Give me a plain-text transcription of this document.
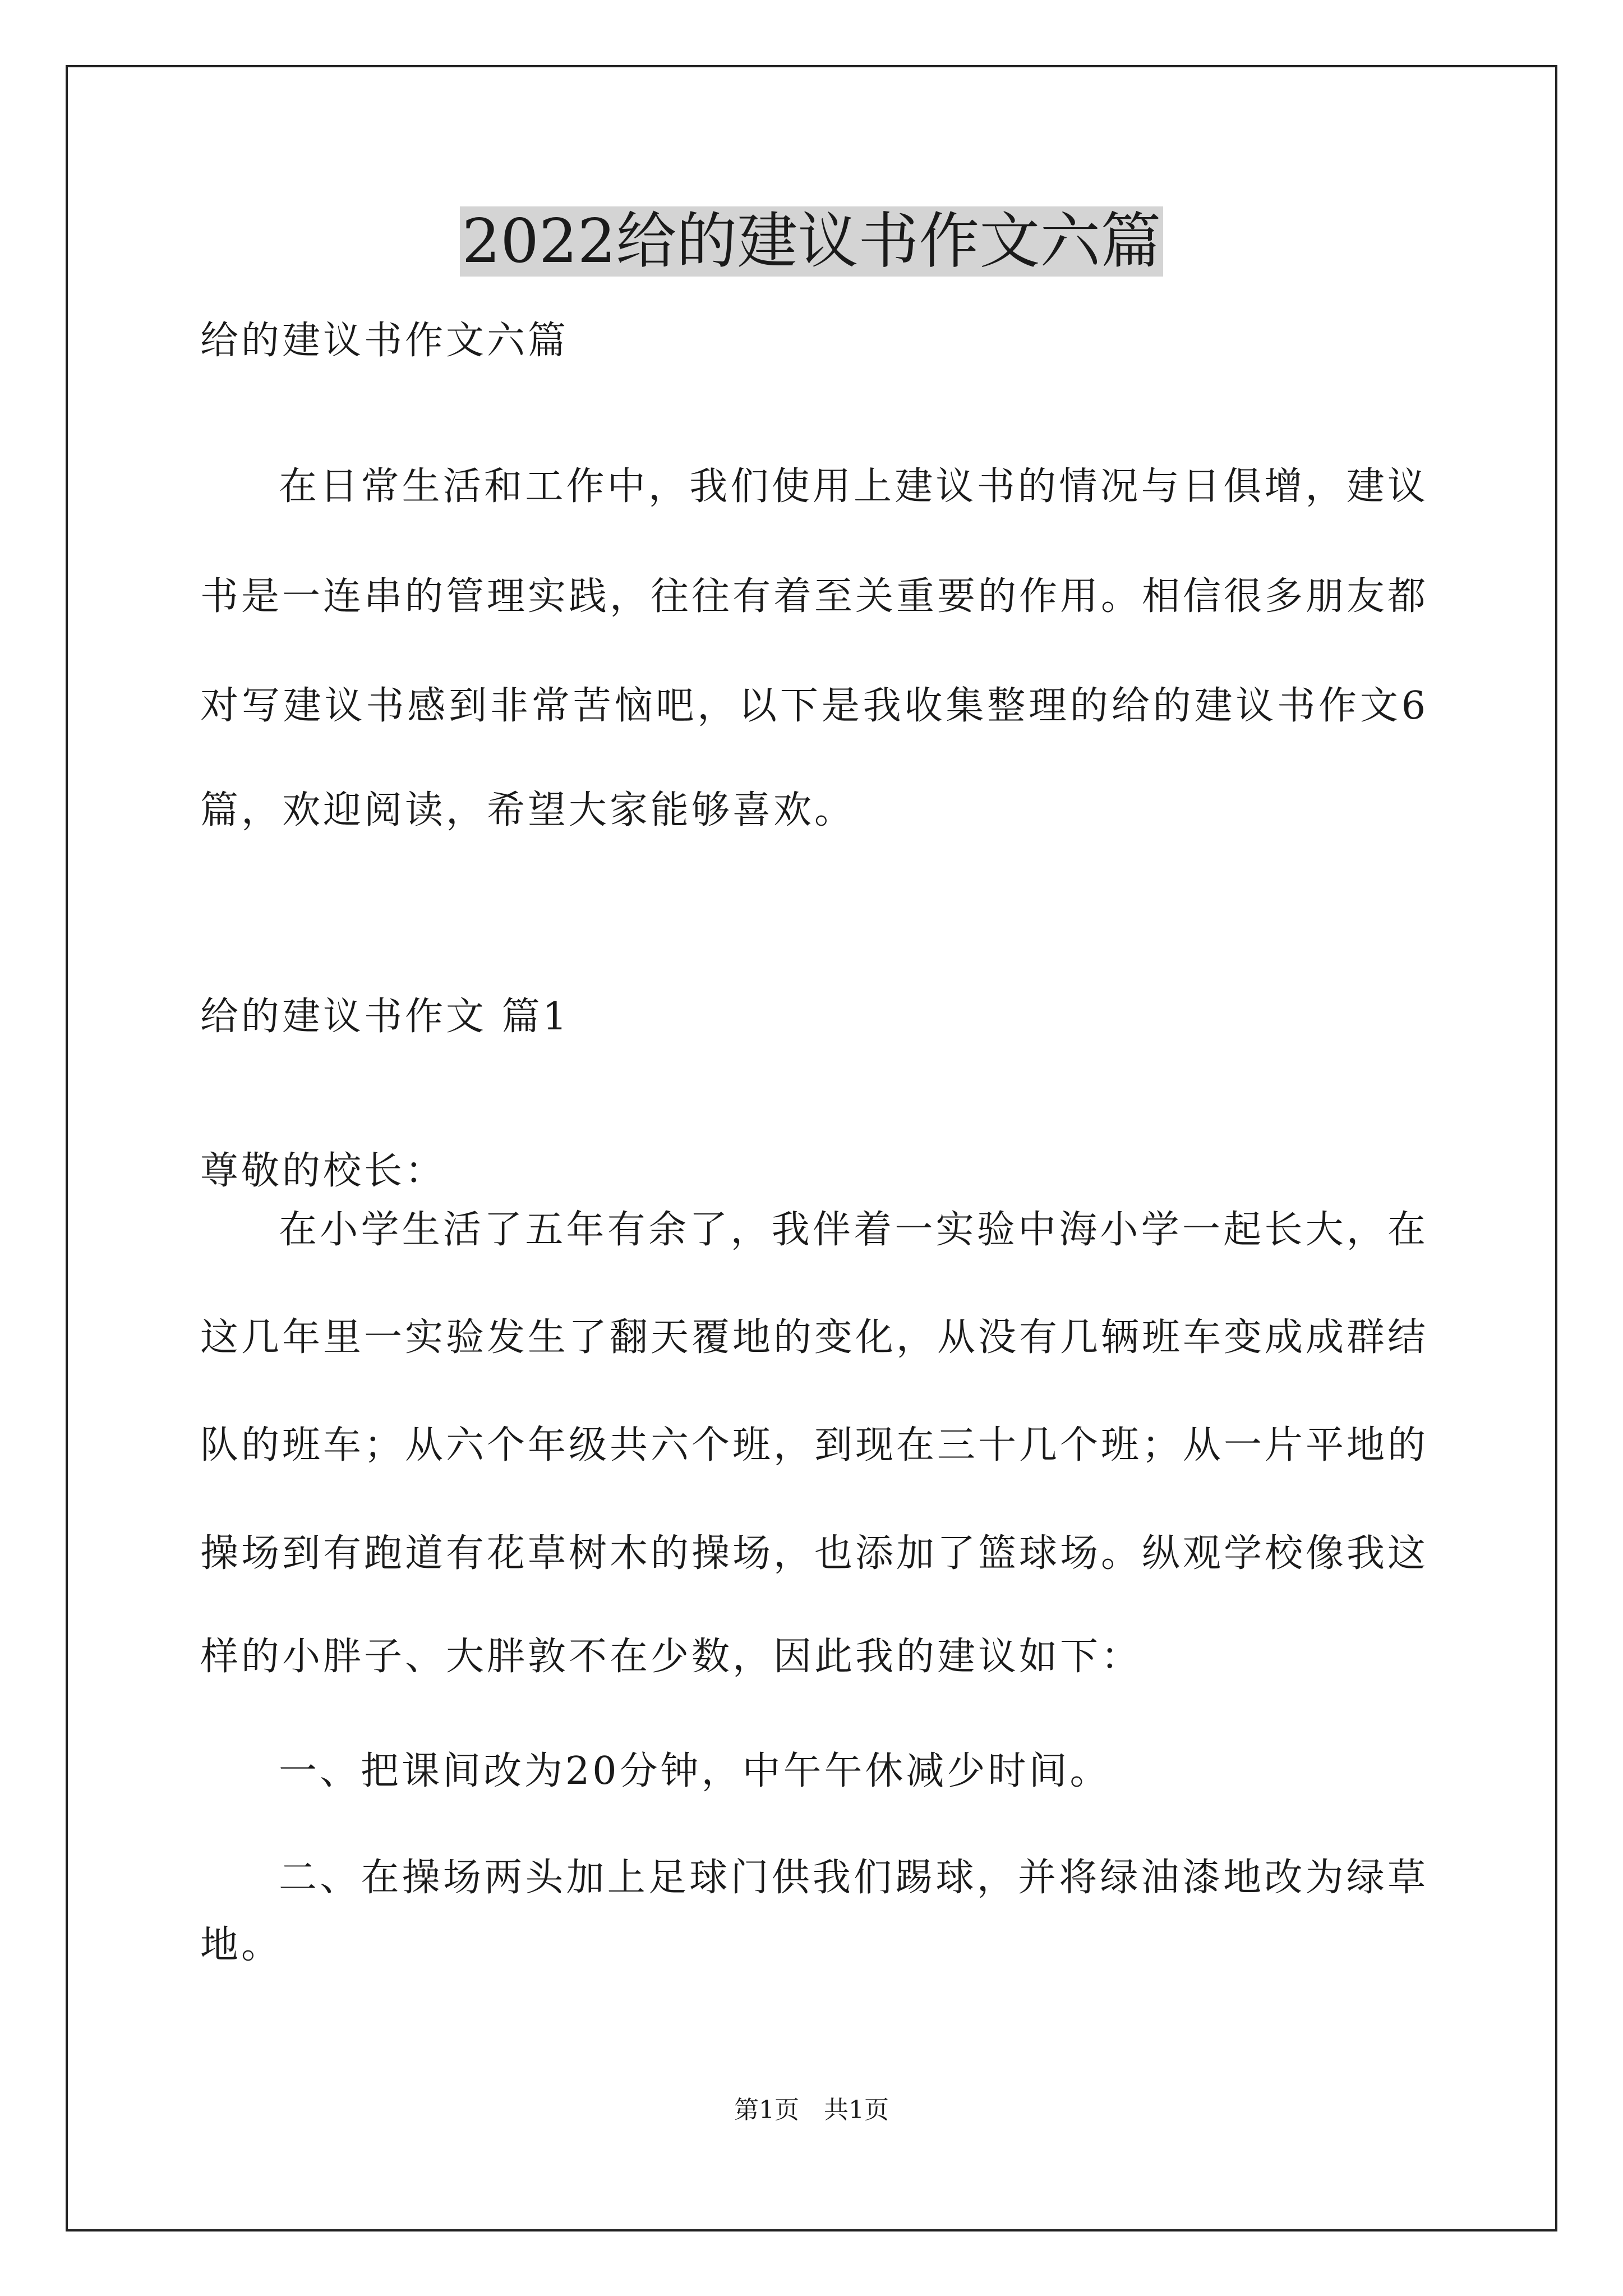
2022给的建议书作文六篇
给的建议书作文六篇
在日常生活和工作中，我们使用上建议书的情况与日俱增，建议
书是一连串的管理实践，往往有着至关重要的作用。相信很多朋友都
对写建议书感到非常苦恼吧，以下是我收集整理的给的建议书作文6
篇，欢迎阅读，希望大家能够喜欢。
给的建议书作文 篇1
尊敬的校长：
在小学生活了五年有余了，我伴着一实验中海小学一起长大，在
这几年里一实验发生了翻天覆地的变化，从没有几辆班车变成成群结
队的班车；从六个年级共六个班，到现在三十几个班；从一片平地的
操场到有跑道有花草树木的操场，也添加了篮球场。纵观学校像我这
样的小胖子、大胖敦不在少数，因此我的建议如下：
一、把课间改为20分钟，中午午休减少时间。
二、在操场两头加上足球门供我们踢球，并将绿油漆地改为绿草
地。
第1页　共1页
